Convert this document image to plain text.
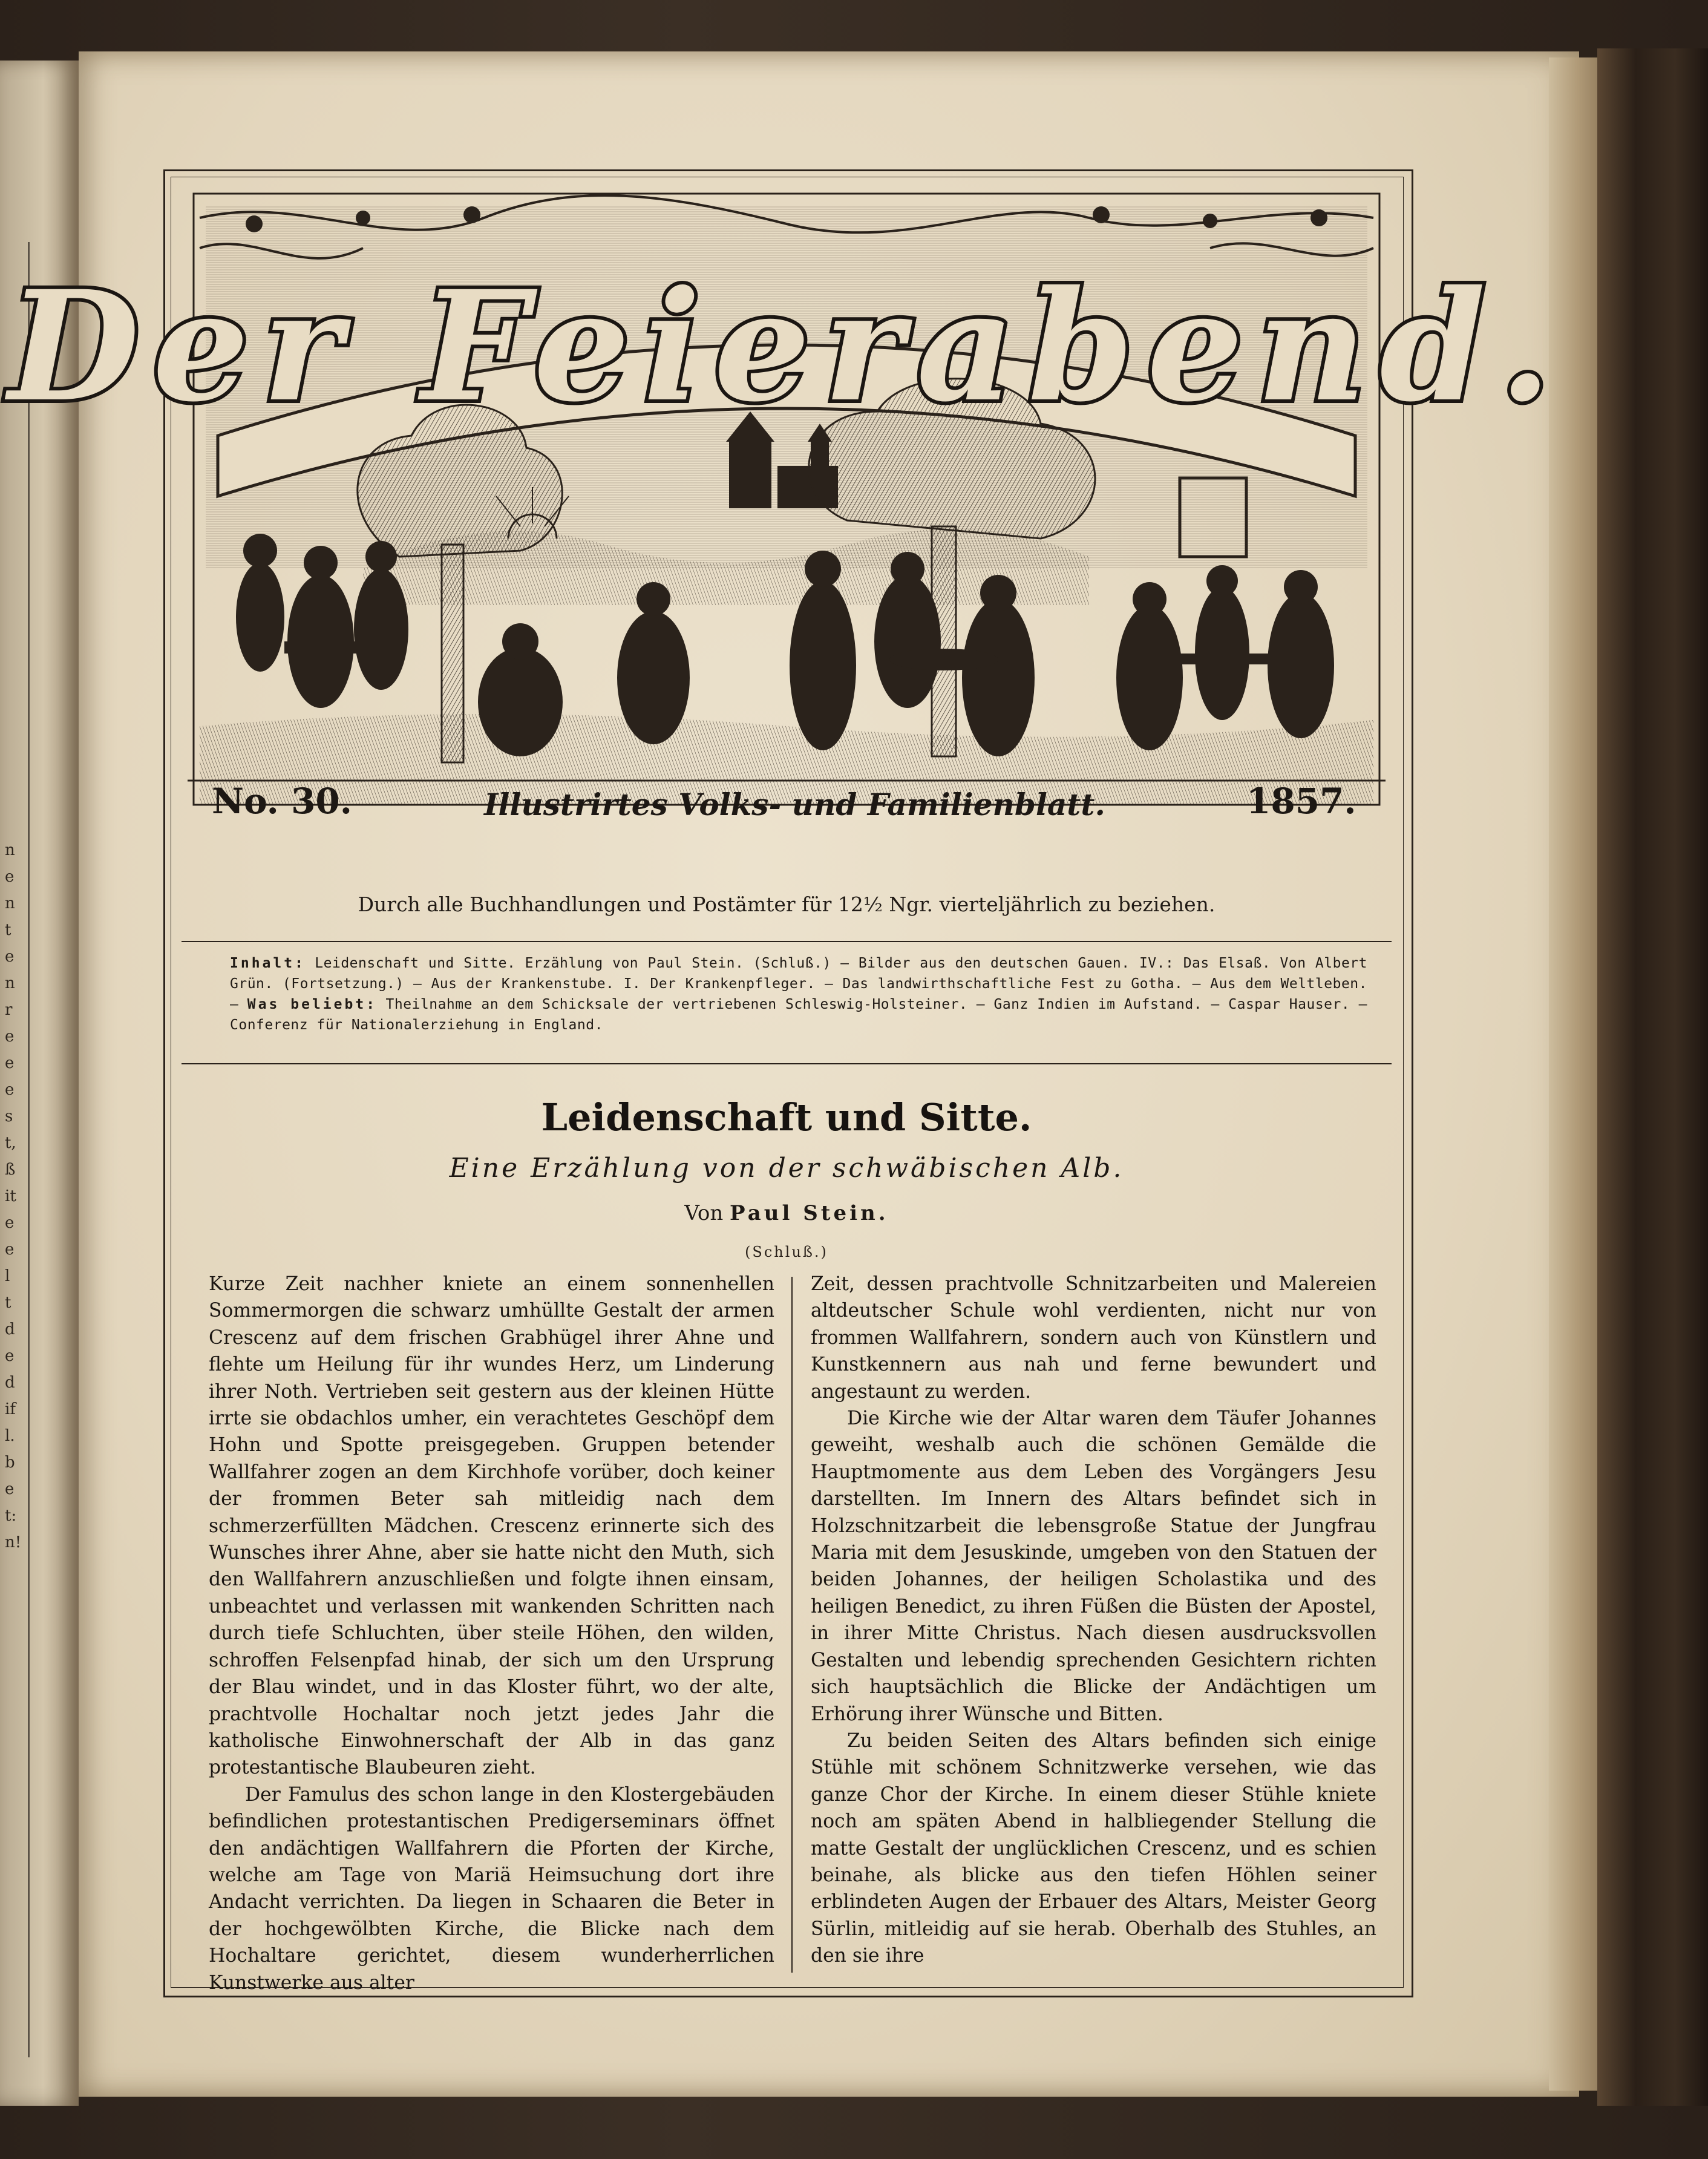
n
e
n
t
e
n
r
e
e
e
s
t,
ß
it
e
e
l
t
d
e
d
if
l.
b
e
t:
n!
Der Feierabend.
No. 30.	Illustrirtes Volks- und Familienblatt.	1857.
Durch alle Buchhandlungen und Postämter für 12½ Ngr. vierteljährlich zu beziehen.
Inhalt: Leidenschaft und Sitte. Erzählung von Paul Stein. (Schluß.) — Bilder aus den deutschen Gauen. IV.: Das Elsaß. Von Albert Grün. (Fortsetzung.) — Aus der Krankenstube. I. Der Krankenpfleger. — Das landwirthschaftliche Fest zu Gotha. — Aus dem Weltleben. — Was beliebt: Theilnahme an dem Schicksale der vertriebenen Schleswig-Holsteiner. — Ganz Indien im Aufstand. — Caspar Hauser. — Conferenz für Nationalerziehung in England.
Leidenschaft und Sitte.
Eine Erzählung von der schwäbischen Alb.
Von Paul Stein.
(Schluß.)

Kurze Zeit nachher kniete an einem sonnenhellen Sommermorgen die schwarz umhüllte Gestalt der armen Crescenz auf dem frischen Grabhügel ihrer Ahne und flehte um Heilung für ihr wundes Herz, um Linderung ihrer Noth. Vertrieben seit gestern aus der kleinen Hütte irrte sie obdachlos umher, ein verachtetes Geschöpf dem Hohn und Spotte preisgegeben. Gruppen betender Wallfahrer zogen an dem Kirchhofe vorüber, doch keiner der frommen Beter sah mitleidig nach dem schmerzerfüllten Mädchen. Crescenz erinnerte sich des Wunsches ihrer Ahne, aber sie hatte nicht den Muth, sich den Wallfahrern anzuschließen und folgte ihnen einsam, unbeachtet und verlassen mit wankenden Schritten nach durch tiefe Schluchten, über steile Höhen, den wilden, schroffen Felsenpfad hinab, der sich um den Ursprung der Blau windet, und in das Kloster führt, wo der alte, prachtvolle Hochaltar noch jetzt jedes Jahr die katholische Einwohnerschaft der Alb in das ganz protestantische Blaubeuren zieht.

Der Famulus des schon lange in den Klostergebäuden befindlichen protestantischen Predigerseminars öffnet den andächtigen Wallfahrern die Pforten der Kirche, welche am Tage von Mariä Heimsuchung dort ihre Andacht verrichten. Da liegen in Schaaren die Beter in der hochgewölbten Kirche, die Blicke nach dem Hochaltare gerichtet, diesem wunderherrlichen Kunstwerke aus alter

Zeit, dessen prachtvolle Schnitzarbeiten und Malereien altdeutscher Schule wohl verdienten, nicht nur von frommen Wallfahrern, sondern auch von Künstlern und Kunstkennern aus nah und ferne bewundert und angestaunt zu werden.

Die Kirche wie der Altar waren dem Täufer Johannes geweiht, weshalb auch die schönen Gemälde die Hauptmomente aus dem Leben des Vorgängers Jesu darstellten. Im Innern des Altars befindet sich in Holzschnitzarbeit die lebensgroße Statue der Jungfrau Maria mit dem Jesuskinde, umgeben von den Statuen der beiden Johannes, der heiligen Scholastika und des heiligen Benedict, zu ihren Füßen die Büsten der Apostel, in ihrer Mitte Christus. Nach diesen ausdrucksvollen Gestalten und lebendig sprechenden Gesichtern richten sich hauptsächlich die Blicke der Andächtigen um Erhörung ihrer Wünsche und Bitten.

Zu beiden Seiten des Altars befinden sich einige Stühle mit schönem Schnitzwerke versehen, wie das ganze Chor der Kirche. In einem dieser Stühle kniete noch am späten Abend in halbliegender Stellung die matte Gestalt der unglücklichen Crescenz, und es schien beinahe, als blicke aus den tiefen Höhlen seiner erblindeten Augen der Erbauer des Altars, Meister Georg Sürlin, mitleidig auf sie herab. Oberhalb des Stuhles, an den sie ihre
